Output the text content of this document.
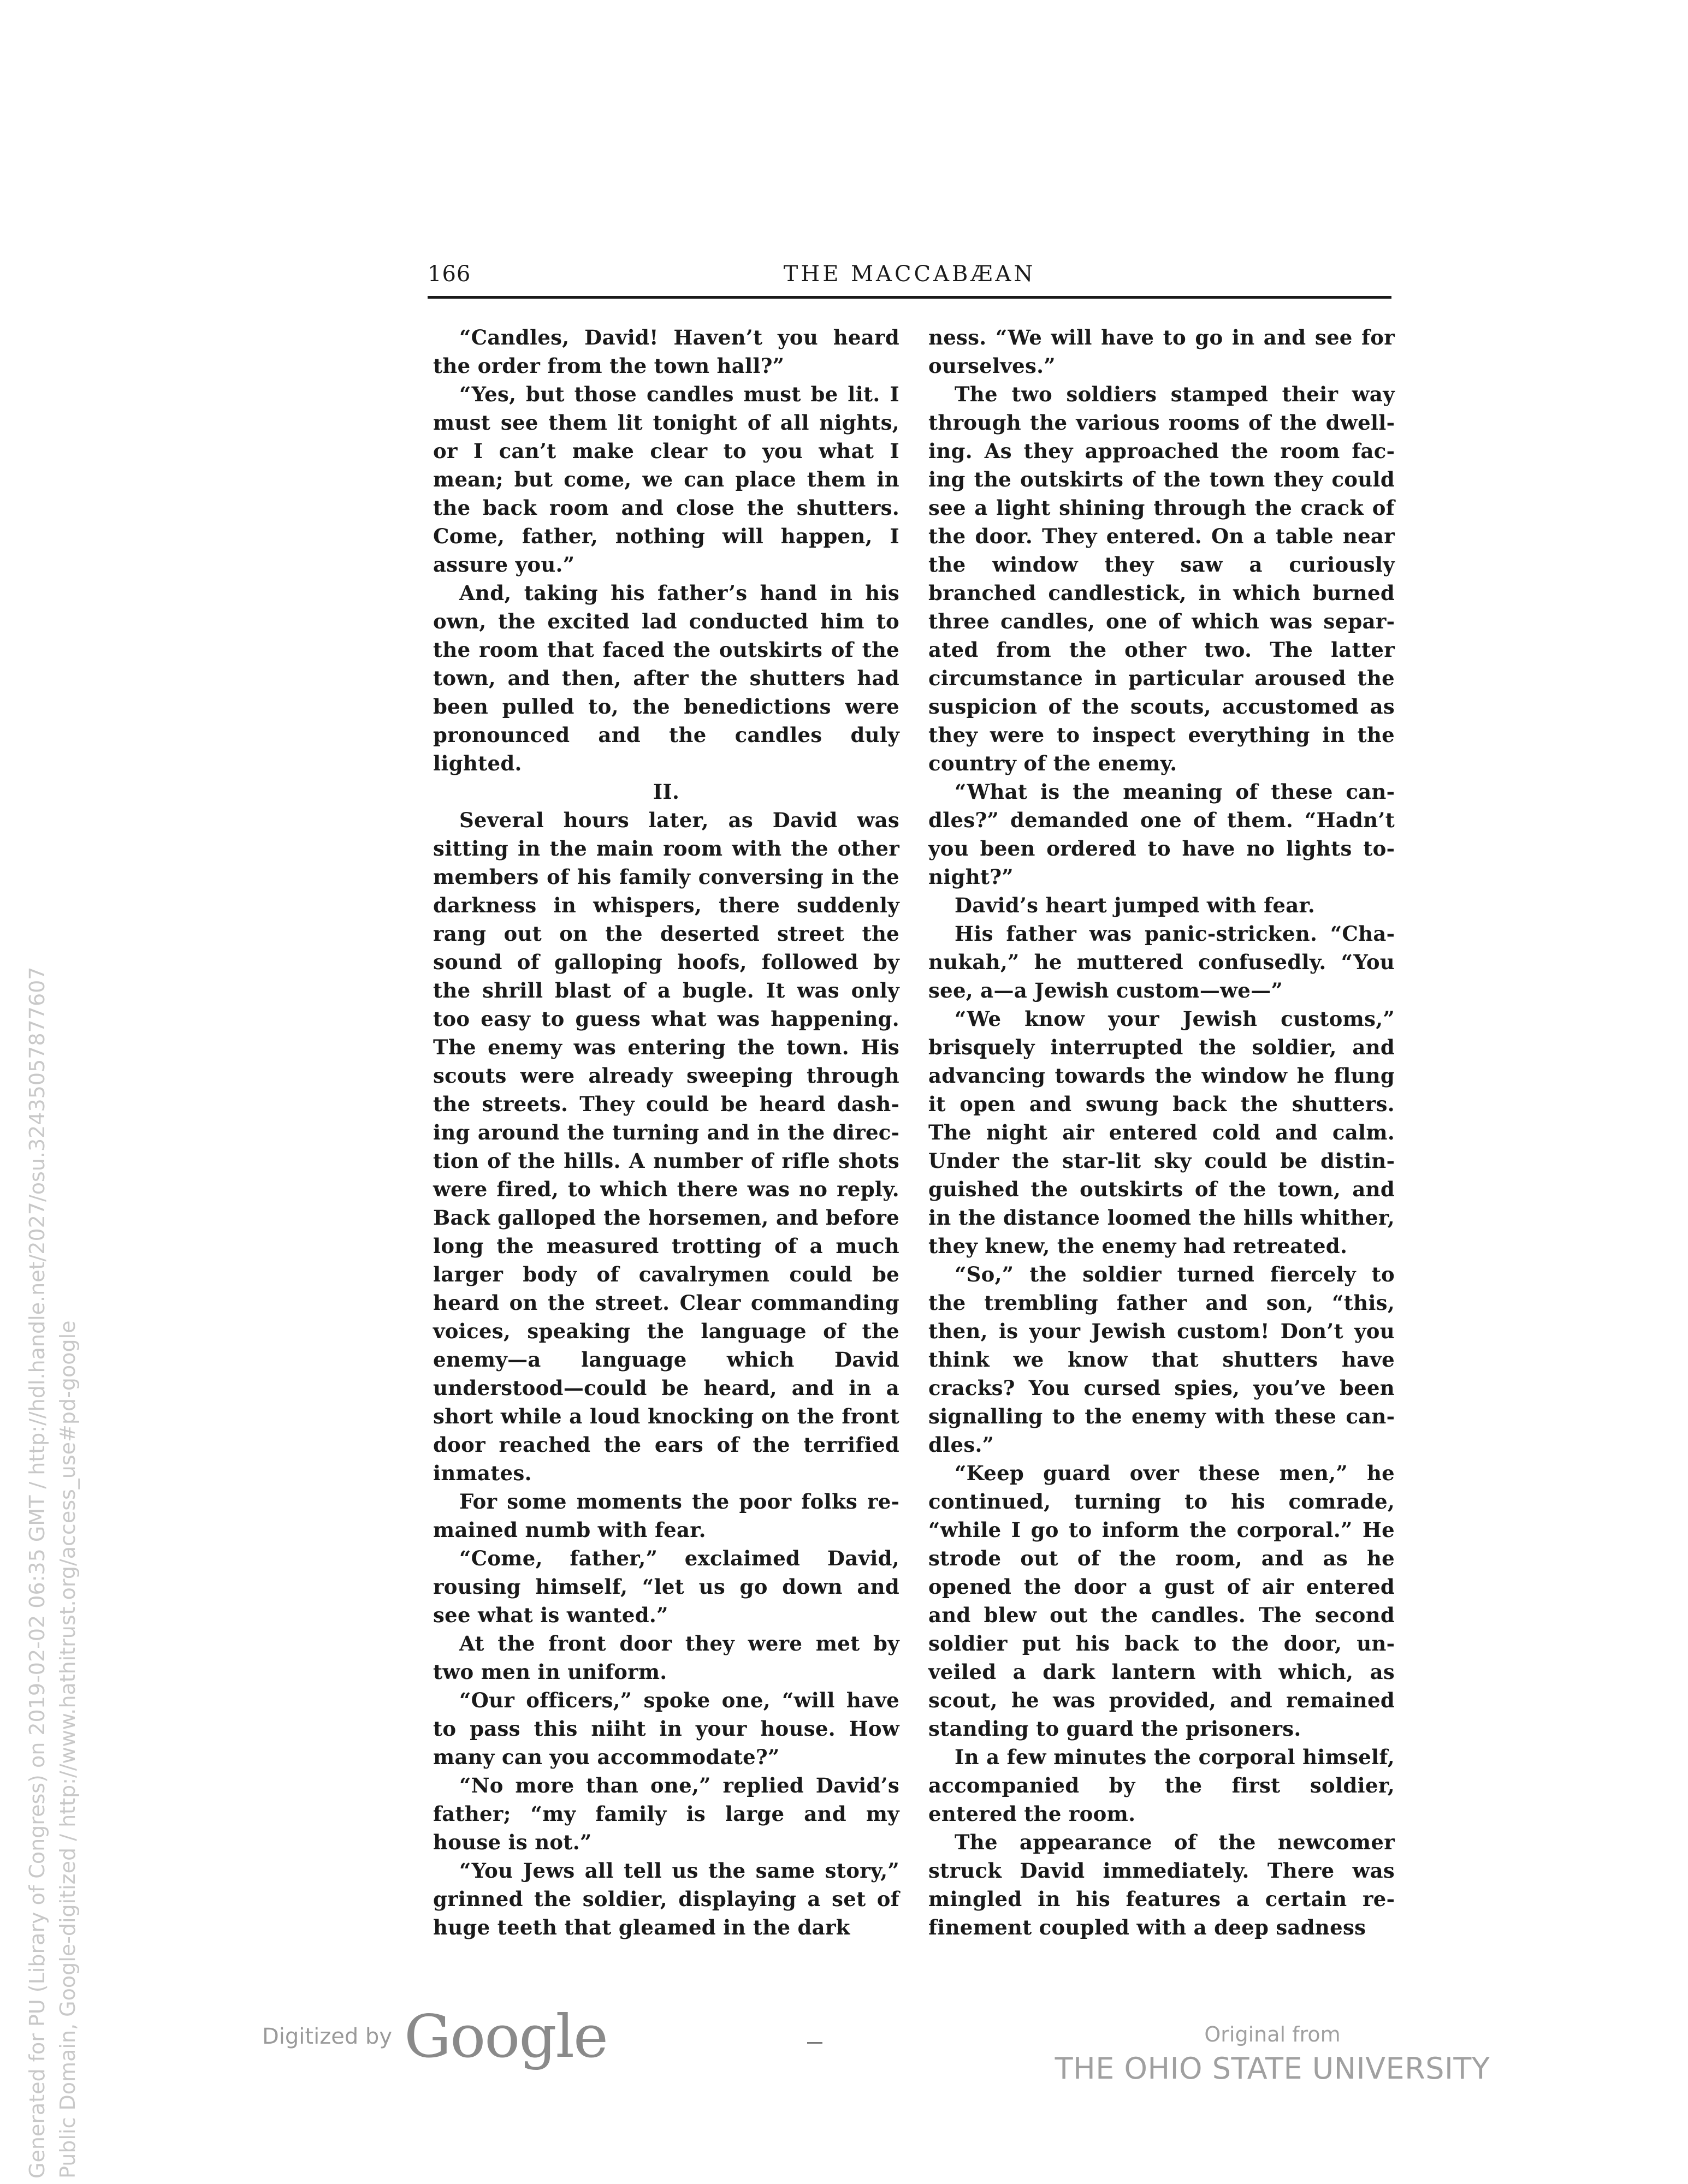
166	THE MACCABÆAN

“Candles, David! Haven’t you heard the order from the town hall?”

“Yes, but those candles must be lit. I must see them lit tonight of all nights, or I can’t make clear to you what I mean; but come, we can place them in the back room and close the shutters. Come, father, nothing will happen, I assure you.”

And, taking his father’s hand in his own, the excited lad conducted him to the room that faced the outskirts of the town, and then, after the shutters had been pulled to, the benedictions were pronounced and the candles duly lighted.

II.

Several hours later, as David was sitting in the main room with the other members of his family conversing in the darkness in whispers, there suddenly rang out on the deserted street the sound of galloping hoofs, followed by the shrill blast of a bugle. It was only too easy to guess what was happening. The enemy was entering the town. His scouts were already sweeping through the streets. They could be heard dashing around the turning and in the direction of the hills. A number of rifle shots were fired, to which there was no reply. Back galloped the horsemen, and before long the measured trotting of a much larger body of cavalrymen could be heard on the street. Clear commanding voices, speaking the language of the enemy—a language which David understood—could be heard, and in a short while a loud knocking on the front door reached the ears of the terrified inmates.

For some moments the poor folks remained numb with fear.

“Come, father,” exclaimed David, rousing himself, “let us go down and see what is wanted.”

At the front door they were met by two men in uniform.

“Our officers,” spoke one, “will have to pass this niiht in your house. How many can you accommodate?”

“No more than one,” replied David’s father; “my family is large and my house is not.”

“You Jews all tell us the same story,” grinned the soldier, displaying a set of huge teeth that gleamed in the dark

ness. “We will have to go in and see for ourselves.”

The two soldiers stamped their way through the various rooms of the dwelling. As they approached the room facing the outskirts of the town they could see a light shining through the crack of the door. They entered. On a table near the window they saw a curiously branched candlestick, in which burned three candles, one of which was separated from the other two. The latter circumstance in particular aroused the suspicion of the scouts, accustomed as they were to inspect everything in the country of the enemy.

“What is the meaning of these candles?” demanded one of them. “Hadn’t you been ordered to have no lights tonight?”

David’s heart jumped with fear.

His father was panic-stricken. “Chanukah,” he muttered confusedly. “You see, a—a Jewish custom—we—”

“We know your Jewish customs,” brisquely interrupted the soldier, and advancing towards the window he flung it open and swung back the shutters. The night air entered cold and calm. Under the star-lit sky could be distinguished the outskirts of the town, and in the distance loomed the hills whither, they knew, the enemy had retreated.

“So,” the soldier turned fiercely to the trembling father and son, “this, then, is your Jewish custom! Don’t you think we know that shutters have cracks? You cursed spies, you’ve been signalling to the enemy with these candles.”

“Keep guard over these men,” he continued, turning to his comrade, “while I go to inform the corporal.” He strode out of the room, and as he opened the door a gust of air entered and blew out the candles. The second soldier put his back to the door, unveiled a dark lantern with which, as scout, he was provided, and remained standing to guard the prisoners.

In a few minutes the corporal himself, accompanied by the first soldier, entered the room.

The appearance of the newcomer struck David immediately. There was mingled in his features a certain refinement coupled with a deep sadness

Generated for PU (Library of Congress) on 2019-02-02 06:35 GMT / http://hdl.handle.net/2027/osu.32435057877607 Public Domain, Google-digitized / http://www.hathitrust.org/access_use#pd-google	Digitized by Google	Original from
THE OHIO STATE UNIVERSITY
